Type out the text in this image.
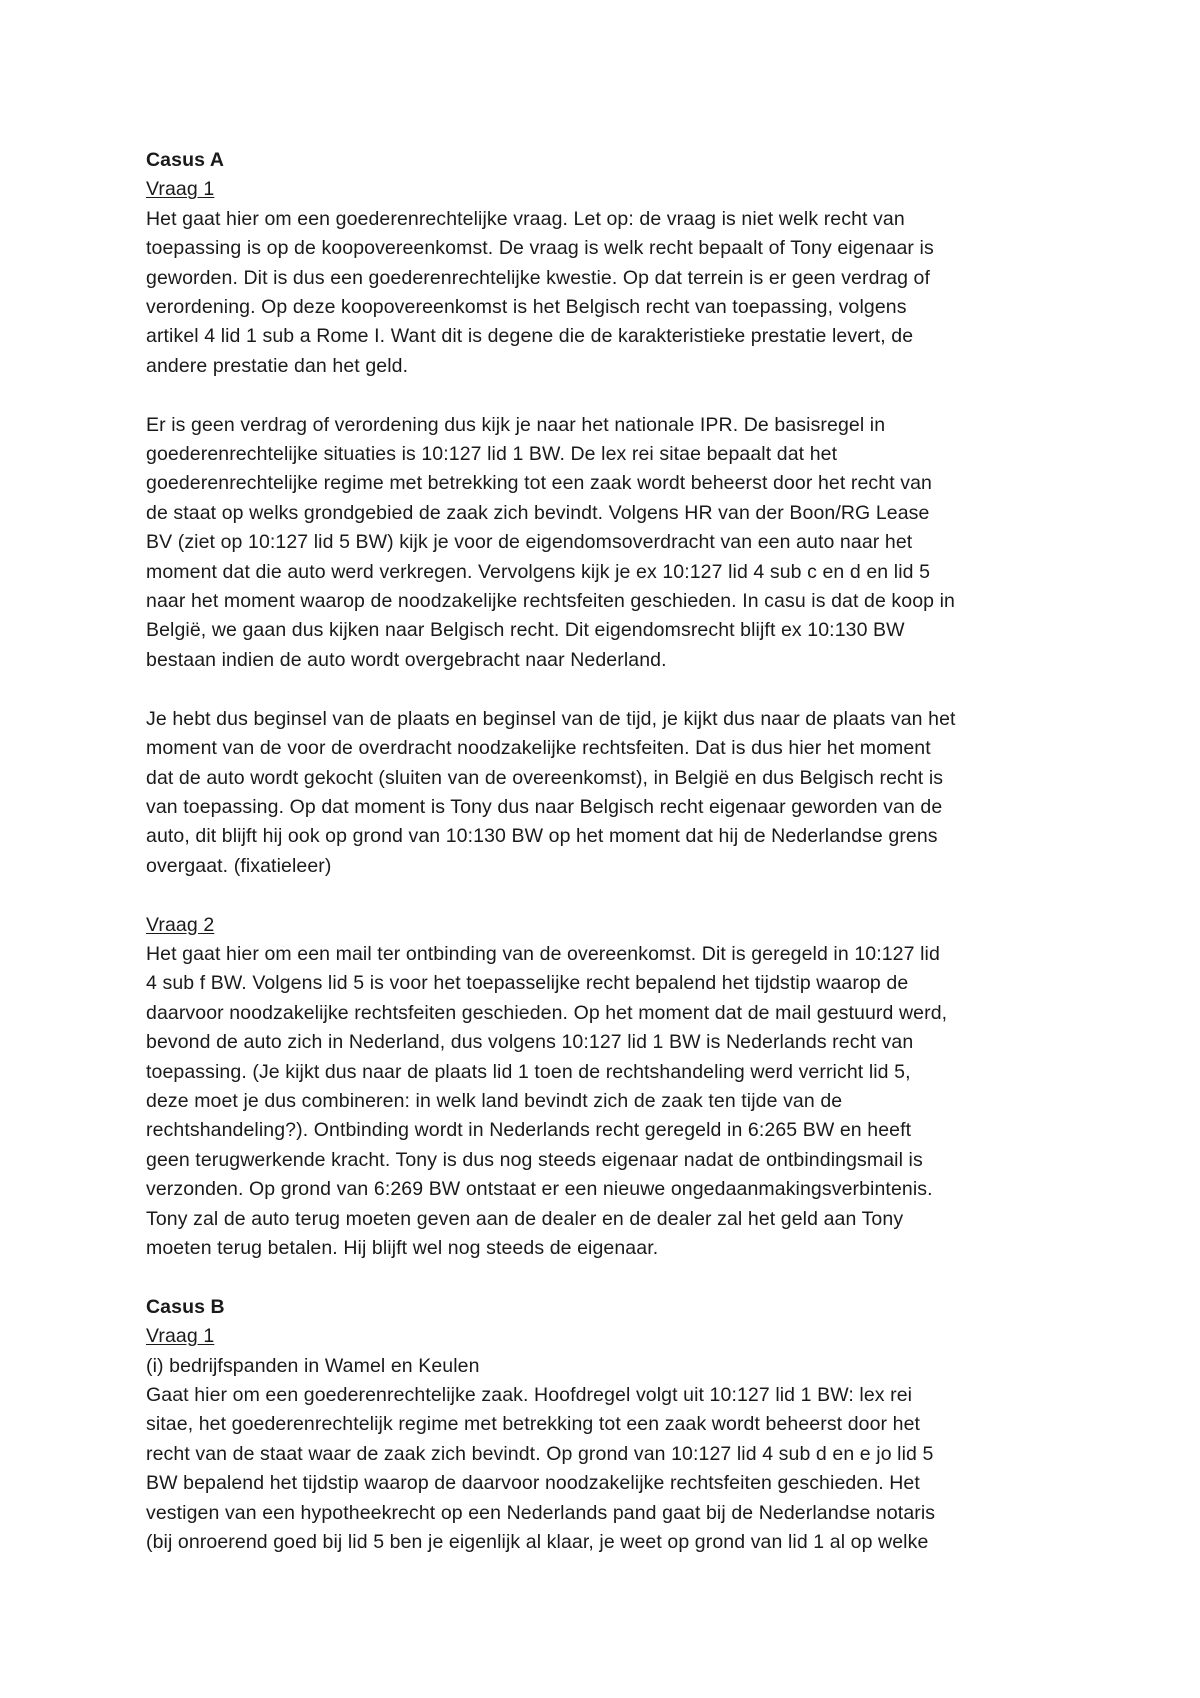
Casus A
Vraag 1
Het gaat hier om een goederenrechtelijke vraag. Let op: de vraag is niet welk recht van
toepassing is op de koopovereenkomst. De vraag is welk recht bepaalt of Tony eigenaar is
geworden. Dit is dus een goederenrechtelijke kwestie. Op dat terrein is er geen verdrag of
verordening. Op deze koopovereenkomst is het Belgisch recht van toepassing, volgens
artikel 4 lid 1 sub a Rome I. Want dit is degene die de karakteristieke prestatie levert, de
andere prestatie dan het geld.
Er is geen verdrag of verordening dus kijk je naar het nationale IPR. De basisregel in
goederenrechtelijke situaties is 10:127 lid 1 BW. De lex rei sitae bepaalt dat het
goederenrechtelijke regime met betrekking tot een zaak wordt beheerst door het recht van
de staat op welks grondgebied de zaak zich bevindt. Volgens HR van der Boon/RG Lease
BV (ziet op 10:127 lid 5 BW) kijk je voor de eigendomsoverdracht van een auto naar het
moment dat die auto werd verkregen. Vervolgens kijk je ex 10:127 lid 4 sub c en d en lid 5
naar het moment waarop de noodzakelijke rechtsfeiten geschieden. In casu is dat de koop in
België, we gaan dus kijken naar Belgisch recht. Dit eigendomsrecht blijft ex 10:130 BW
bestaan indien de auto wordt overgebracht naar Nederland.
Je hebt dus beginsel van de plaats en beginsel van de tijd, je kijkt dus naar de plaats van het
moment van de voor de overdracht noodzakelijke rechtsfeiten. Dat is dus hier het moment
dat de auto wordt gekocht (sluiten van de overeenkomst), in België en dus Belgisch recht is
van toepassing. Op dat moment is Tony dus naar Belgisch recht eigenaar geworden van de
auto, dit blijft hij ook op grond van 10:130 BW op het moment dat hij de Nederlandse grens
overgaat. (fixatieleer)
Vraag 2
Het gaat hier om een mail ter ontbinding van de overeenkomst. Dit is geregeld in 10:127 lid
4 sub f BW. Volgens lid 5 is voor het toepasselijke recht bepalend het tijdstip waarop de
daarvoor noodzakelijke rechtsfeiten geschieden. Op het moment dat de mail gestuurd werd,
bevond de auto zich in Nederland, dus volgens 10:127 lid 1 BW is Nederlands recht van
toepassing. (Je kijkt dus naar de plaats lid 1 toen de rechtshandeling werd verricht lid 5,
deze moet je dus combineren: in welk land bevindt zich de zaak ten tijde van de
rechtshandeling?). Ontbinding wordt in Nederlands recht geregeld in 6:265 BW en heeft
geen terugwerkende kracht. Tony is dus nog steeds eigenaar nadat de ontbindingsmail is
verzonden. Op grond van 6:269 BW ontstaat er een nieuwe ongedaanmakingsverbintenis.
Tony zal de auto terug moeten geven aan de dealer en de dealer zal het geld aan Tony
moeten terug betalen. Hij blijft wel nog steeds de eigenaar.
Casus B
Vraag 1
(i) bedrijfspanden in Wamel en Keulen
Gaat hier om een goederenrechtelijke zaak. Hoofdregel volgt uit 10:127 lid 1 BW: lex rei
sitae, het goederenrechtelijk regime met betrekking tot een zaak wordt beheerst door het
recht van de staat waar de zaak zich bevindt. Op grond van 10:127 lid 4 sub d en e jo lid 5
BW bepalend het tijdstip waarop de daarvoor noodzakelijke rechtsfeiten geschieden. Het
vestigen van een hypotheekrecht op een Nederlands pand gaat bij de Nederlandse notaris
(bij onroerend goed bij lid 5 ben je eigenlijk al klaar, je weet op grond van lid 1 al op welke
